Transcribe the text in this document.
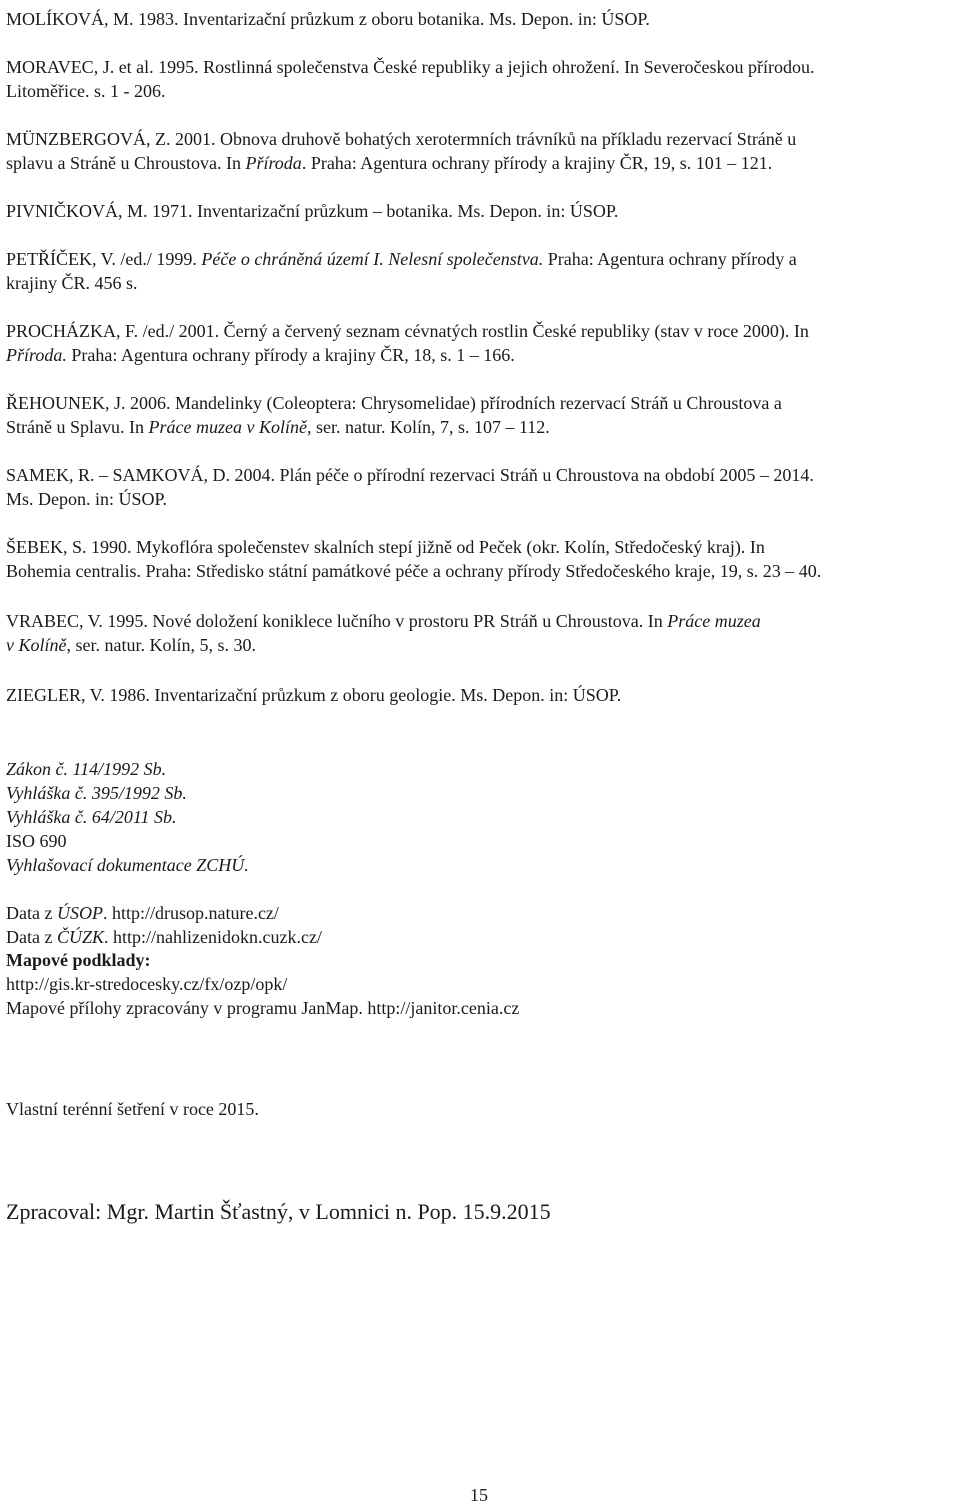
MOLÍKOVÁ, M. 1983. Inventarizační průzkum z oboru botanika. Ms. Depon. in: ÚSOP.

MORAVEC, J. et al. 1995. Rostlinná společenstva České republiky a jejich ohrožení. In Severočeskou přírodou.
Litoměřice. s. 1 - 206.

MÜNZBERGOVÁ, Z. 2001. Obnova druhově bohatých xerotermních trávníků na příkladu rezervací Stráně u
splavu a Stráně u Chroustova. In Příroda. Praha: Agentura ochrany přírody a krajiny ČR, 19, s. 101 – 121.

PIVNIČKOVÁ, M. 1971. Inventarizační průzkum – botanika. Ms. Depon. in: ÚSOP.

PETŘÍČEK, V. /ed./ 1999. Péče o chráněná území I. Nelesní společenstva. Praha: Agentura ochrany přírody a
krajiny ČR. 456 s.

PROCHÁZKA, F. /ed./ 2001. Černý a červený seznam cévnatých rostlin České republiky (stav v roce 2000). In
Příroda. Praha: Agentura ochrany přírody a krajiny ČR, 18, s. 1 – 166.

ŘEHOUNEK, J. 2006. Mandelinky (Coleoptera: Chrysomelidae) přírodních rezervací Stráň u Chroustova a
Stráně u Splavu. In Práce muzea v Kolíně, ser. natur. Kolín, 7, s. 107 – 112.

SAMEK, R. – SAMKOVÁ, D. 2004. Plán péče o přírodní rezervaci Stráň u Chroustova na období 2005 – 2014.
Ms. Depon. in: ÚSOP.

ŠEBEK, S. 1990. Mykoflóra společenstev skalních stepí jižně od Peček (okr. Kolín, Středočeský kraj). In
Bohemia centralis. Praha: Středisko státní památkové péče a ochrany přírody Středočeského kraje, 19, s. 23 – 40.

VRABEC, V. 1995. Nové doložení koniklece lučního v prostoru PR Stráň u Chroustova. In Práce muzea
v Kolíně, ser. natur. Kolín, 5, s. 30.

ZIEGLER, V. 1986. Inventarizační průzkum z oboru geologie. Ms. Depon. in: ÚSOP.

Zákon č. 114/1992 Sb.
Vyhláška č. 395/1992 Sb.
Vyhláška č. 64/2011 Sb.
ISO 690
Vyhlašovací dokumentace ZCHÚ.
Data z ÚSOP. http://drusop.nature.cz/
Data z ČÚZK. http://nahlizenidokn.cuzk.cz/
Mapové podklady:
http://gis.kr-stredocesky.cz/fx/ozp/opk/
Mapové přílohy zpracovány v programu JanMap. http://janitor.cenia.cz
Vlastní terénní šetření v roce 2015.
Zpracoval: Mgr. Martin Šťastný, v Lomnici n. Pop. 15.9.2015
15
